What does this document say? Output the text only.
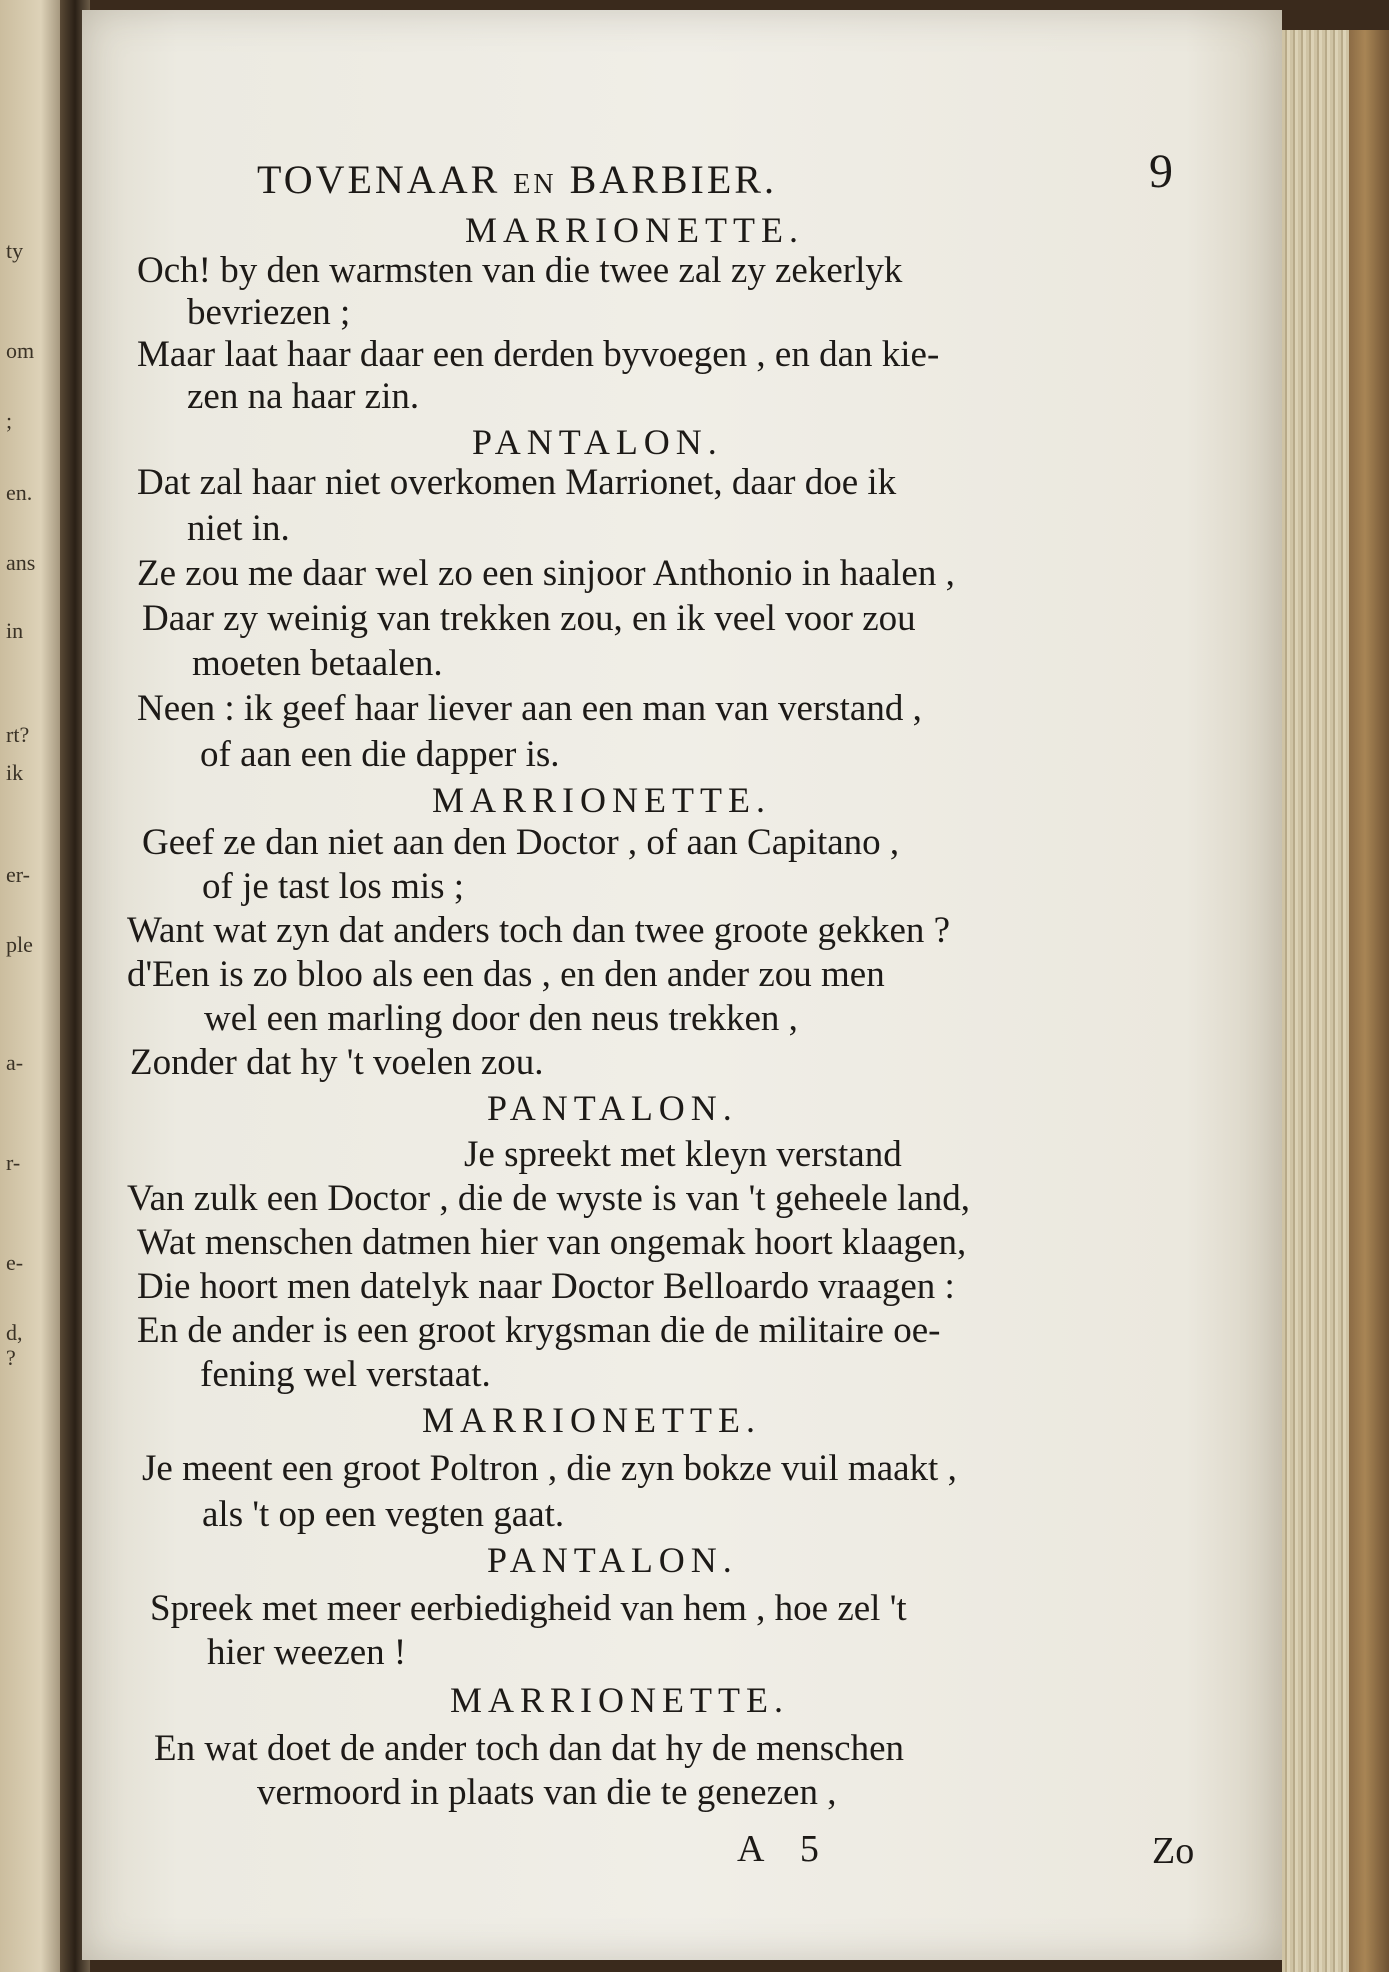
ty
om
;
en.
ans
in
rt?
ik
er-
ple
a-
r-
e-
d,
?
TOVENAAR en BARBIER.	9
MARRIONETTE.
Och! by den warmsten van die twee zal zy zekerlyk
bevriezen ;
Maar laat haar daar een derden byvoegen , en dan kie-
zen na haar zin.
PANTALON.
Dat zal haar niet overkomen Marrionet, daar doe ik
niet in.
Ze zou me daar wel zo een sinjoor Anthonio in haalen ,
Daar zy weinig van trekken zou, en ik veel voor zou
moeten betaalen.
Neen : ik geef haar liever aan een man van verstand ,
of aan een die dapper is.
MARRIONETTE.
Geef ze dan niet aan den Doctor , of aan Capitano ,
of je tast los mis ;
Want wat zyn dat anders toch dan twee groote gekken ?
d'Een is zo bloo als een das , en den ander zou men
wel een marling door den neus trekken ,
Zonder dat hy 't voelen zou.
PANTALON.
Je spreekt met kleyn verstand
Van zulk een Doctor , die de wyste is van 't geheele land,
Wat menschen datmen hier van ongemak hoort klaagen,
Die hoort men datelyk naar Doctor Belloardo vraagen :
En de ander is een groot krygsman die de militaire oe-
fening wel verstaat.
MARRIONETTE.
Je meent een groot Poltron , die zyn bokze vuil maakt ,
als 't op een vegten gaat.
PANTALON.
Spreek met meer eerbiedigheid van hem , hoe zel 't
hier weezen !
MARRIONETTE.
En wat doet de ander toch dan dat hy de menschen
vermoord in plaats van die te genezen ,
A 5	Zo
